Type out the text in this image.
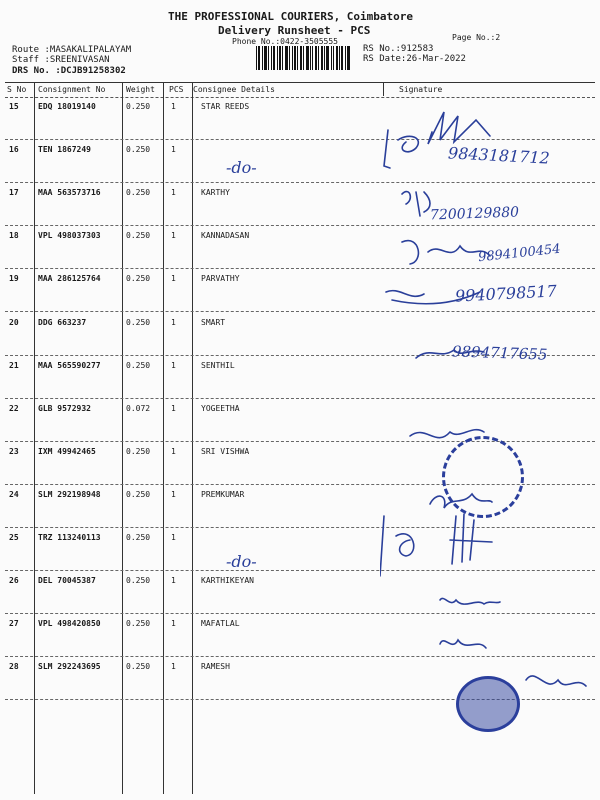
THE PROFESSIONAL COURIERS, Coimbatore
Delivery Runsheet - PCS
Phone No.:0422-3505555	Page No.:2
RS No.:912583
RS Date:26-Mar-2022
Route :MASAKALIPALAYAM
Staff :SREENIVASAN
DRS No. :DCJB91258302
S No Consignment No	Weight PCS Consignee Details	Signature
15 EDQ 18019140	0.250	1	STAR REEDS
16 TEN 1867249	0.250	1
17 MAA 563573716	0.250	1	KARTHY
18 VPL 498037303	0.250	1	KANNADASAN
19 MAA 286125764	0.250	1	PARVATHY
20 DDG 663237	0.250	1	SMART
21 MAA 565590277	0.250	1	SENTHIL
22 GLB 9572932	0.072	1	YOGEETHA
23 IXM 49942465	0.250	1	SRI VISHWA
24 SLM 292198948	0.250	1	PREMKUMAR
25 TRZ 113240113	0.250	1
26 DEL 70045387	0.250	1	KARTHIKEYAN
27 VPL 498420850	0.250	1	MAFATLAL
28 SLM 292243695	0.250	1	RAMESH
-do-
-do-
9843181712
7200129880
9894100454
9940798517
9894717655
